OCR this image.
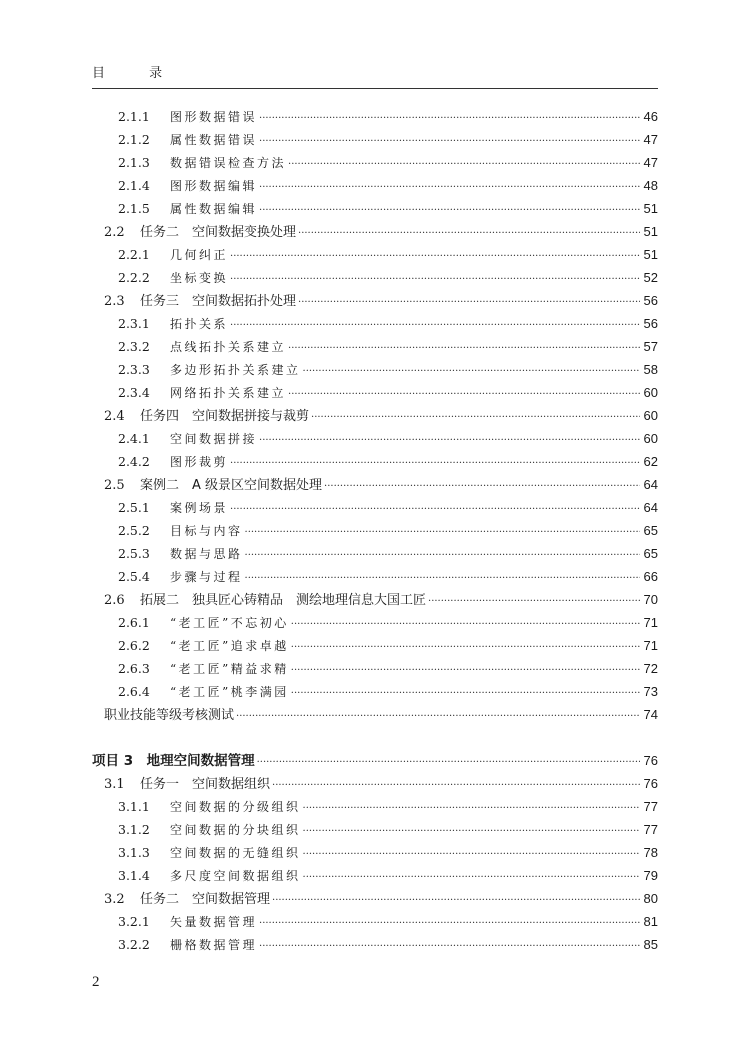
目 录
2.1.1	图形数据错误 ·····	46
2.1.2	属性数据错误 ·····	47
2.1.3	数据错误检查方法 ·····	47
2.1.4	图形数据编辑 ·····	48
2.1.5	属性数据编辑 ·····	51
2.2	任务二　空间数据变换处理 ·····	51
2.2.1	几何纠正 ·····	51
2.2.2	坐标变换 ·····	52
2.3	任务三　空间数据拓扑处理 ·····	56
2.3.1	拓扑关系 ·····	56
2.3.2	点线拓扑关系建立 ·····	57
2.3.3	多边形拓扑关系建立 ·····	58
2.3.4	网络拓扑关系建立 ·····	60
2.4	任务四　空间数据拼接与裁剪 ·····	60
2.4.1	空间数据拼接 ·····	60
2.4.2	图形裁剪 ·····	62
2.5	案例二　A 级景区空间数据处理 ·····	64
2.5.1	案例场景 ·····	64
2.5.2	目标与内容 ·····	65
2.5.3	数据与思路 ·····	65
2.5.4	步骤与过程 ·····	66
2.6	拓展二　独具匠心铸精品　测绘地理信息大国工匠 ·····	70
2.6.1	“老工匠”不忘初心 ·····	71
2.6.2	“老工匠”追求卓越 ·····	71
2.6.3	“老工匠”精益求精 ·····	72
2.6.4	“老工匠”桃李满园 ·····	73
职业技能等级考核测试 ·····	74
项目 3　地理空间数据管理 ·····	76
3.1	任务一　空间数据组织 ·····	76
3.1.1	空间数据的分级组织 ·····	77
3.1.2	空间数据的分块组织 ·····	77
3.1.3	空间数据的无缝组织 ·····	78
3.1.4	多尺度空间数据组织 ·····	79
3.2	任务二　空间数据管理 ·····	80
3.2.1	矢量数据管理 ·····	81
3.2.2	栅格数据管理 ·····	85
2
